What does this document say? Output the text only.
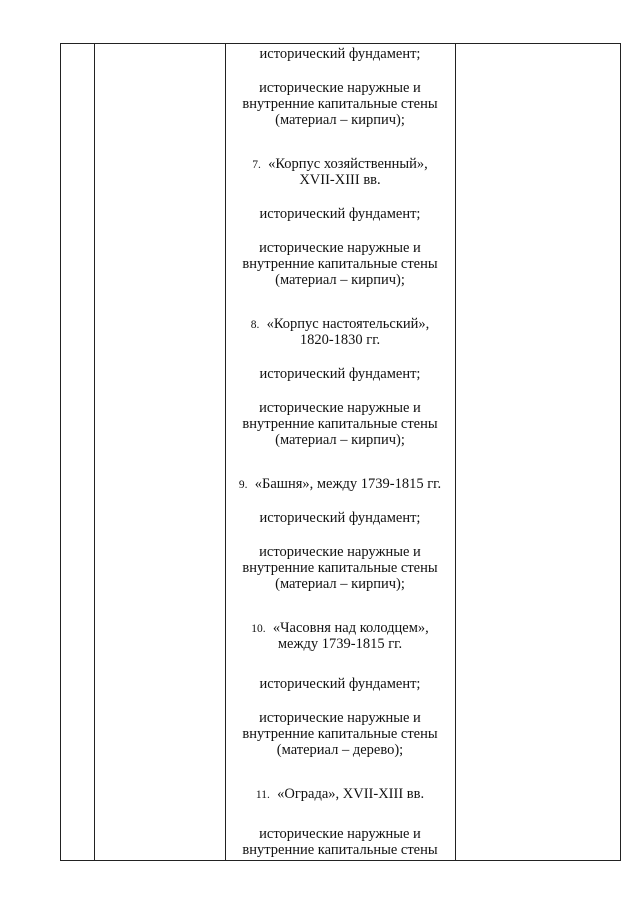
исторический фундамент;
исторические наружные и
внутренние капитальные стены
(материал – кирпич);
7. «Корпус хозяйственный»,
XVII-XIII вв.
исторический фундамент;
исторические наружные и
внутренние капитальные стены
(материал – кирпич);
8. «Корпус настоятельский»,
1820-1830 гг.
исторический фундамент;
исторические наружные и
внутренние капитальные стены
(материал – кирпич);
9. «Башня», между 1739-1815 гг.
исторический фундамент;
исторические наружные и
внутренние капитальные стены
(материал – кирпич);
10. «Часовня над колодцем»,
между 1739-1815 гг.
исторический фундамент;
исторические наружные и
внутренние капитальные стены
(материал – дерево);
11. «Ограда», XVII-XIII вв.
исторические наружные и
внутренние капитальные стены
